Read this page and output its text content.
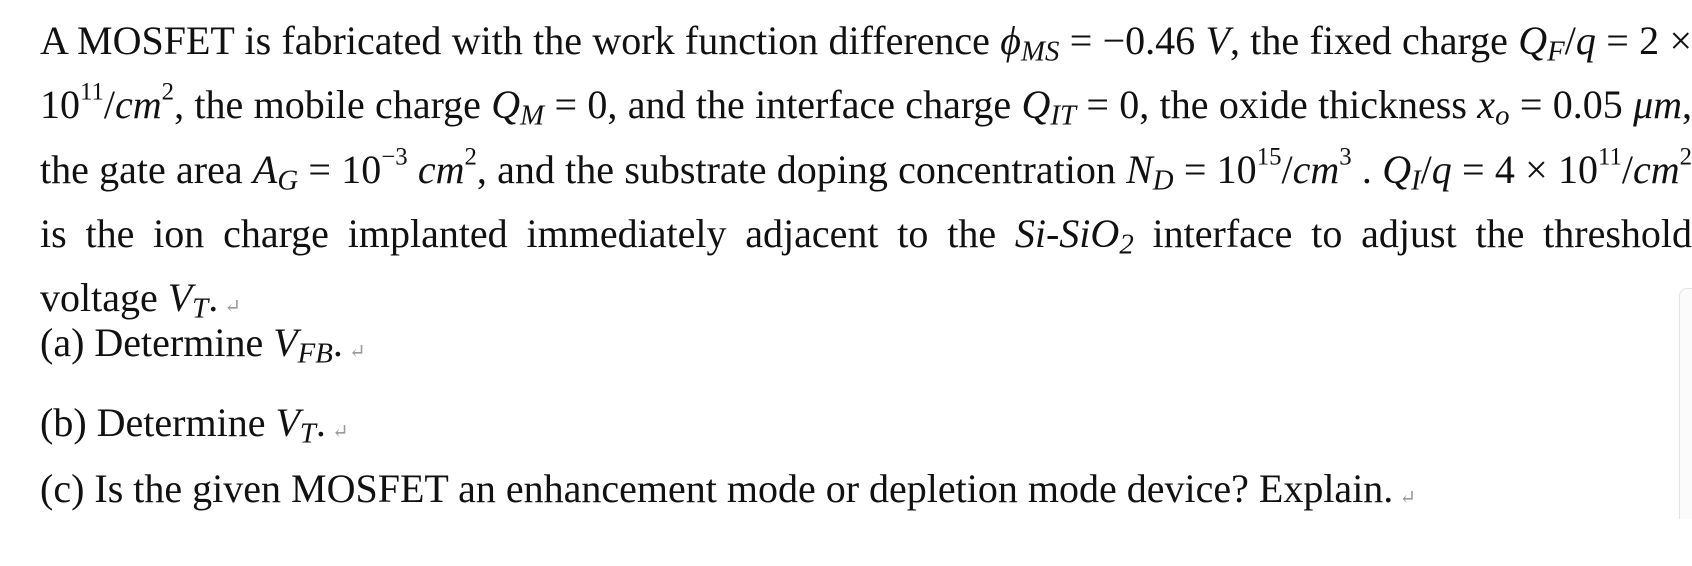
A MOSFET is fabricated with the work function difference $\phi_{MS} = -0.46$ V, the fixed charge $Q_F/q = 2 \times 10^{11}/cm^2$, the mobile charge $Q_M = 0$, and the interface charge $Q_{IT} = 0$, the oxide thickness $x_o = 0.05$ μm, the gate area $A_G = 10^{-3}$ $cm^2$, and the substrate doping concentration $N_D = 10^{15}/cm^3$ . $Q_I/q = 4 \times 10^{11}/cm^2$ is the ion charge implanted immediately adjacent to the Si-SiO$_2$ interface to adjust the threshold voltage $V_T$. ↵
(a) Determine $V_{FB}$. ↵
(b) Determine $V_T$. ↵
(c) Is the given MOSFET an enhancement mode or depletion mode device? Explain. ↵
